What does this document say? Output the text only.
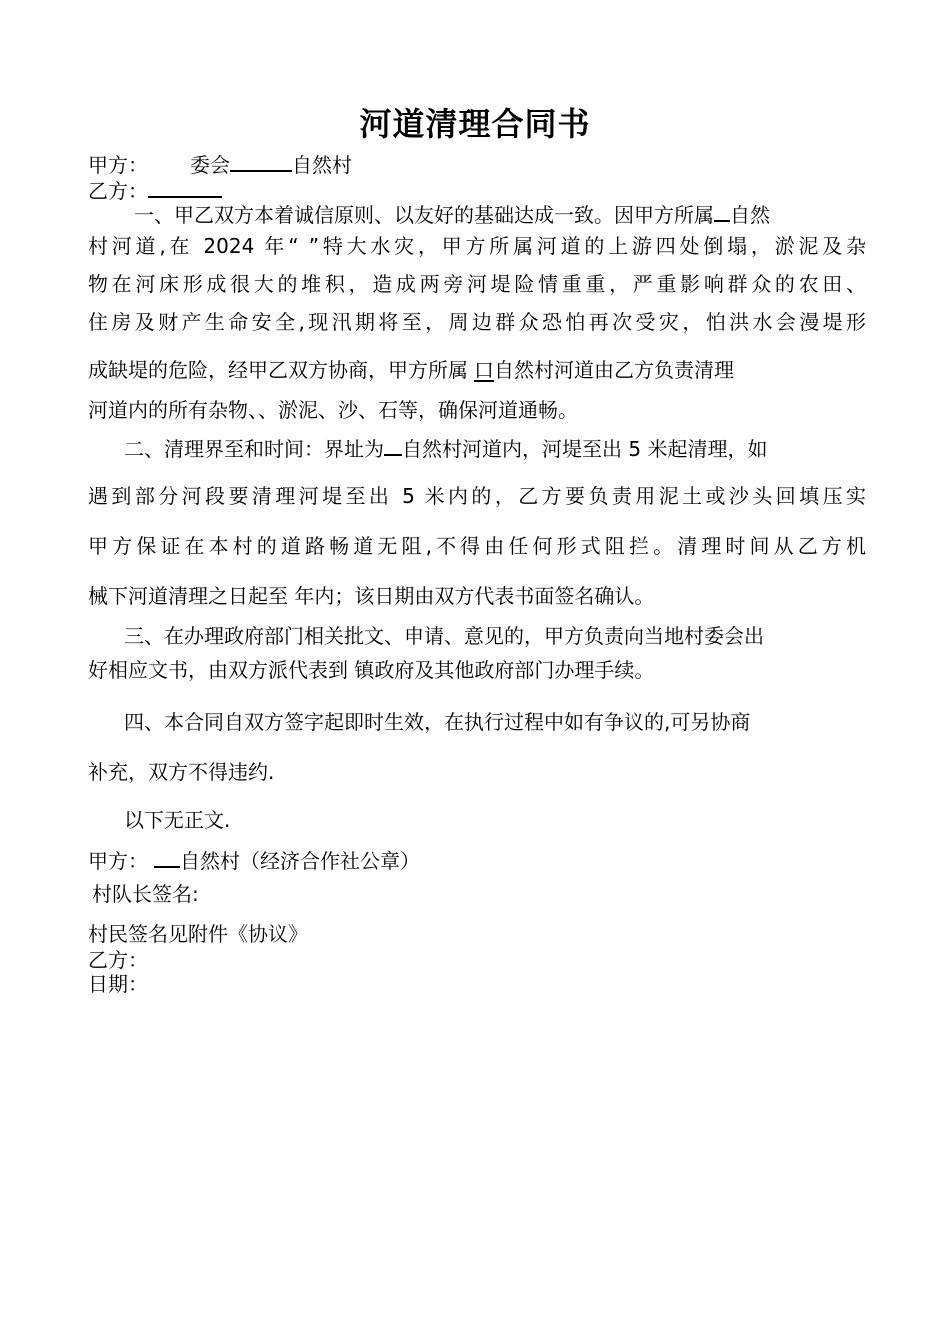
河道清理合同书
甲方： 委会	自然村
乙方：
一、甲乙双方本着诚信原则、以友好的基础达成一致。因甲方所属 自然
村河道,在 2024 年“ ”特大水灾，甲方所属河道的上游四处倒塌，淤泥及杂
物在河床形成很大的堆积，造成两旁河堤险情重重，严重影响群众的农田、
住房及财产生命安全,现汛期将至，周边群众恐怕再次受灾，怕洪水会漫堤形
成缺堤的危险，经甲乙双方协商，甲方所属 口自然村河道由乙方负责清理
河道内的所有杂物、、淤泥、沙、石等，确保河道通畅。
二、清理界至和时间：界址为 自然村河道内，河堤至出 5 米起清理，如
遇到部分河段要清理河堤至出 5 米内的，乙方要负责用泥土或沙头回填压实
甲方保证在本村的道路畅道无阻,不得由任何形式阻拦。清理时间从乙方机
械下河道清理之日起至 年内；该日期由双方代表书面签名确认。
三、在办理政府部门相关批文、申请、意见的，甲方负责向当地村委会出
好相应文书，由双方派代表到 镇政府及其他政府部门办理手续。
四、本合同自双方签字起即时生效，在执行过程中如有争议的,可另协商
补充，双方不得违约.
以下无正文.
甲方： 自然村（经济合作社公章）
村队长签名:
村民签名见附件《协议》
乙方：
日期：
